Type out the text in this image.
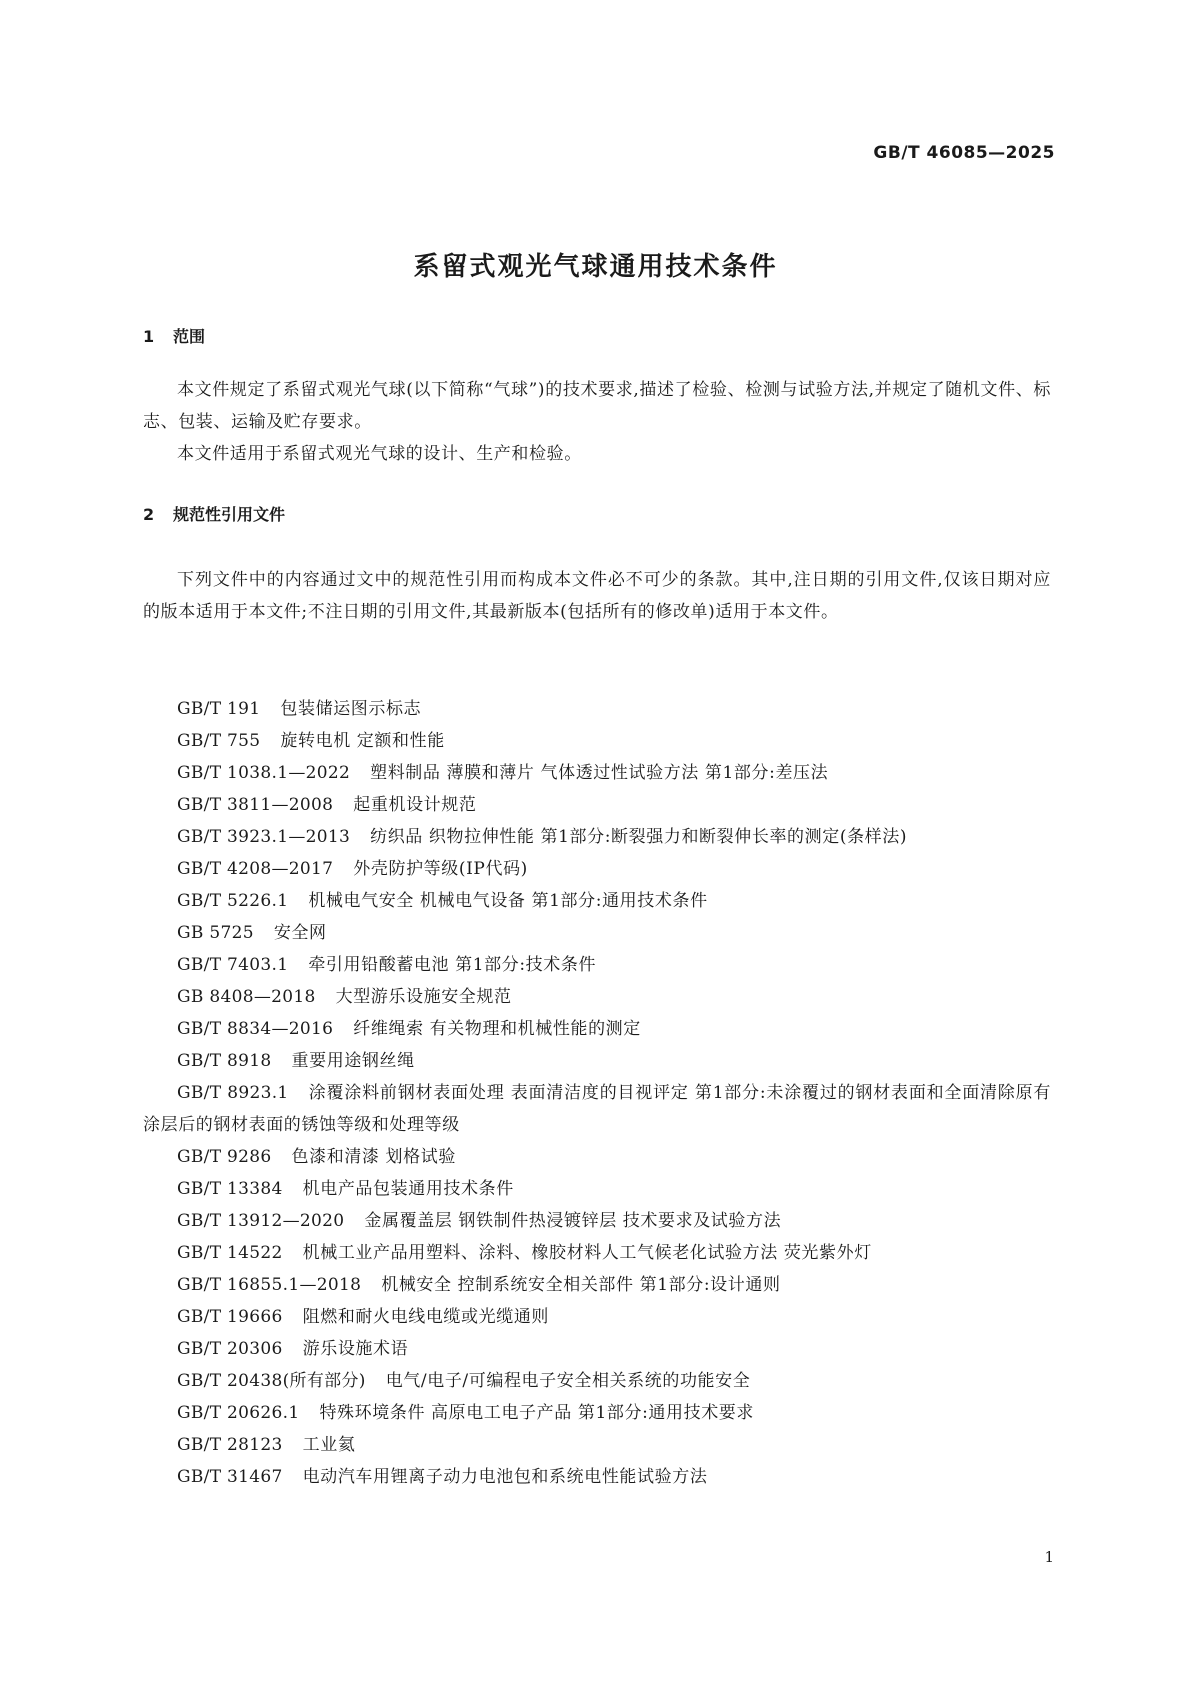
GB/T 46085—2025
系留式观光气球通用技术条件
1 范围

本文件规定了系留式观光气球(以下简称“气球”)的技术要求,描述了检验、检测与试验方法,并规定了随机文件、标志、包装、运输及贮存要求。

本文件适用于系留式观光气球的设计、生产和检验。

2 规范性引用文件

下列文件中的内容通过文中的规范性引用而构成本文件必不可少的条款。其中,注日期的引用文件,仅该日期对应的版本适用于本文件;不注日期的引用文件,其最新版本(包括所有的修改单)适用于本文件。

GB/T 191 包装储运图示标志
GB/T 755 旋转电机 定额和性能
GB/T 1038.1—2022 塑料制品 薄膜和薄片 气体透过性试验方法 第1部分:差压法
GB/T 3811—2008 起重机设计规范
GB/T 3923.1—2013 纺织品 织物拉伸性能 第1部分:断裂强力和断裂伸长率的测定(条样法)
GB/T 4208—2017 外壳防护等级(IP代码)
GB/T 5226.1 机械电气安全 机械电气设备 第1部分:通用技术条件
GB 5725 安全网
GB/T 7403.1 牵引用铅酸蓄电池 第1部分:技术条件
GB 8408—2018 大型游乐设施安全规范
GB/T 8834—2016 纤维绳索 有关物理和机械性能的测定
GB/T 8918 重要用途钢丝绳
GB/T 8923.1 涂覆涂料前钢材表面处理 表面清洁度的目视评定 第1部分:未涂覆过的钢材表面和全面清除原有涂层后的钢材表面的锈蚀等级和处理等级
GB/T 9286 色漆和清漆 划格试验
GB/T 13384 机电产品包装通用技术条件
GB/T 13912—2020 金属覆盖层 钢铁制件热浸镀锌层 技术要求及试验方法
GB/T 14522 机械工业产品用塑料、涂料、橡胶材料人工气候老化试验方法 荧光紫外灯
GB/T 16855.1—2018 机械安全 控制系统安全相关部件 第1部分:设计通则
GB/T 19666 阻燃和耐火电线电缆或光缆通则
GB/T 20306 游乐设施术语
GB/T 20438(所有部分) 电气/电子/可编程电子安全相关系统的功能安全
GB/T 20626.1 特殊环境条件 高原电工电子产品 第1部分:通用技术要求
GB/T 28123 工业氦
GB/T 31467 电动汽车用锂离子动力电池包和系统电性能试验方法
1
